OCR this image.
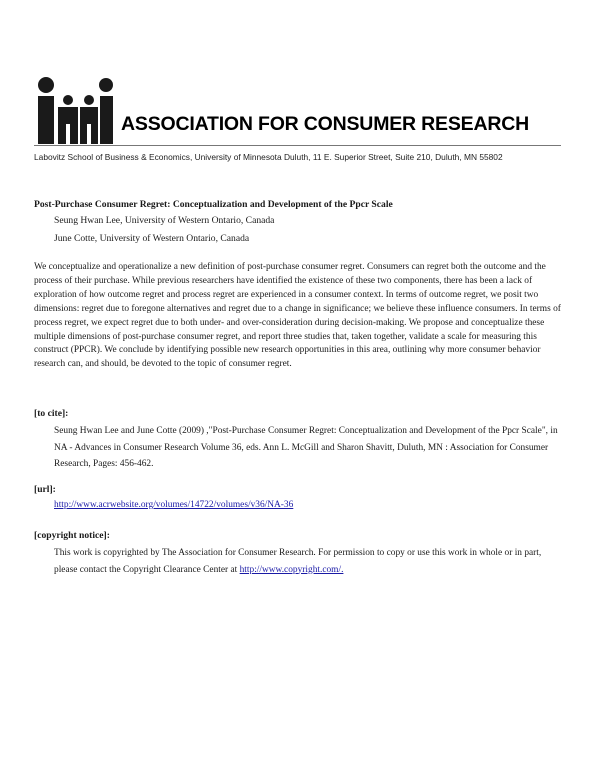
ASSOCIATION FOR CONSUMER RESEARCH
Labovitz School of Business & Economics, University of Minnesota Duluth, 11 E. Superior Street, Suite 210, Duluth, MN 55802
Post-Purchase Consumer Regret: Conceptualization and Development of the Ppcr Scale
Seung Hwan Lee, University of Western Ontario, Canada
June Cotte, University of Western Ontario, Canada
We conceptualize and operationalize a new definition of post-purchase consumer regret. Consumers can regret both the outcome and the process of their purchase. While previous researchers have identified the existence of these two components, there has been a lack of exploration of how outcome regret and process regret are experienced in a consumer context. In terms of outcome regret, we posit two dimensions: regret due to foregone alternatives and regret due to a change in significance; we believe these influence consumers. In terms of process regret, we expect regret due to both under- and over-consideration during decision-making. We propose and conceptualize these multiple dimensions of post-purchase consumer regret, and report three studies that, taken together, validate a scale for measuring this construct (PPCR). We conclude by identifying possible new research opportunities in this area, outlining why more consumer behavior research can, and should, be devoted to the topic of consumer regret.
[to cite]:
Seung Hwan Lee and June Cotte (2009) ,"Post-Purchase Consumer Regret: Conceptualization and Development of the Ppcr Scale", in NA - Advances in Consumer Research Volume 36, eds. Ann L. McGill and Sharon Shavitt, Duluth, MN : Association for Consumer Research, Pages: 456-462.
[url]:
http://www.acrwebsite.org/volumes/14722/volumes/v36/NA-36
[copyright notice]:
This work is copyrighted by The Association for Consumer Research. For permission to copy or use this work in whole or in part, please contact the Copyright Clearance Center at http://www.copyright.com/.
